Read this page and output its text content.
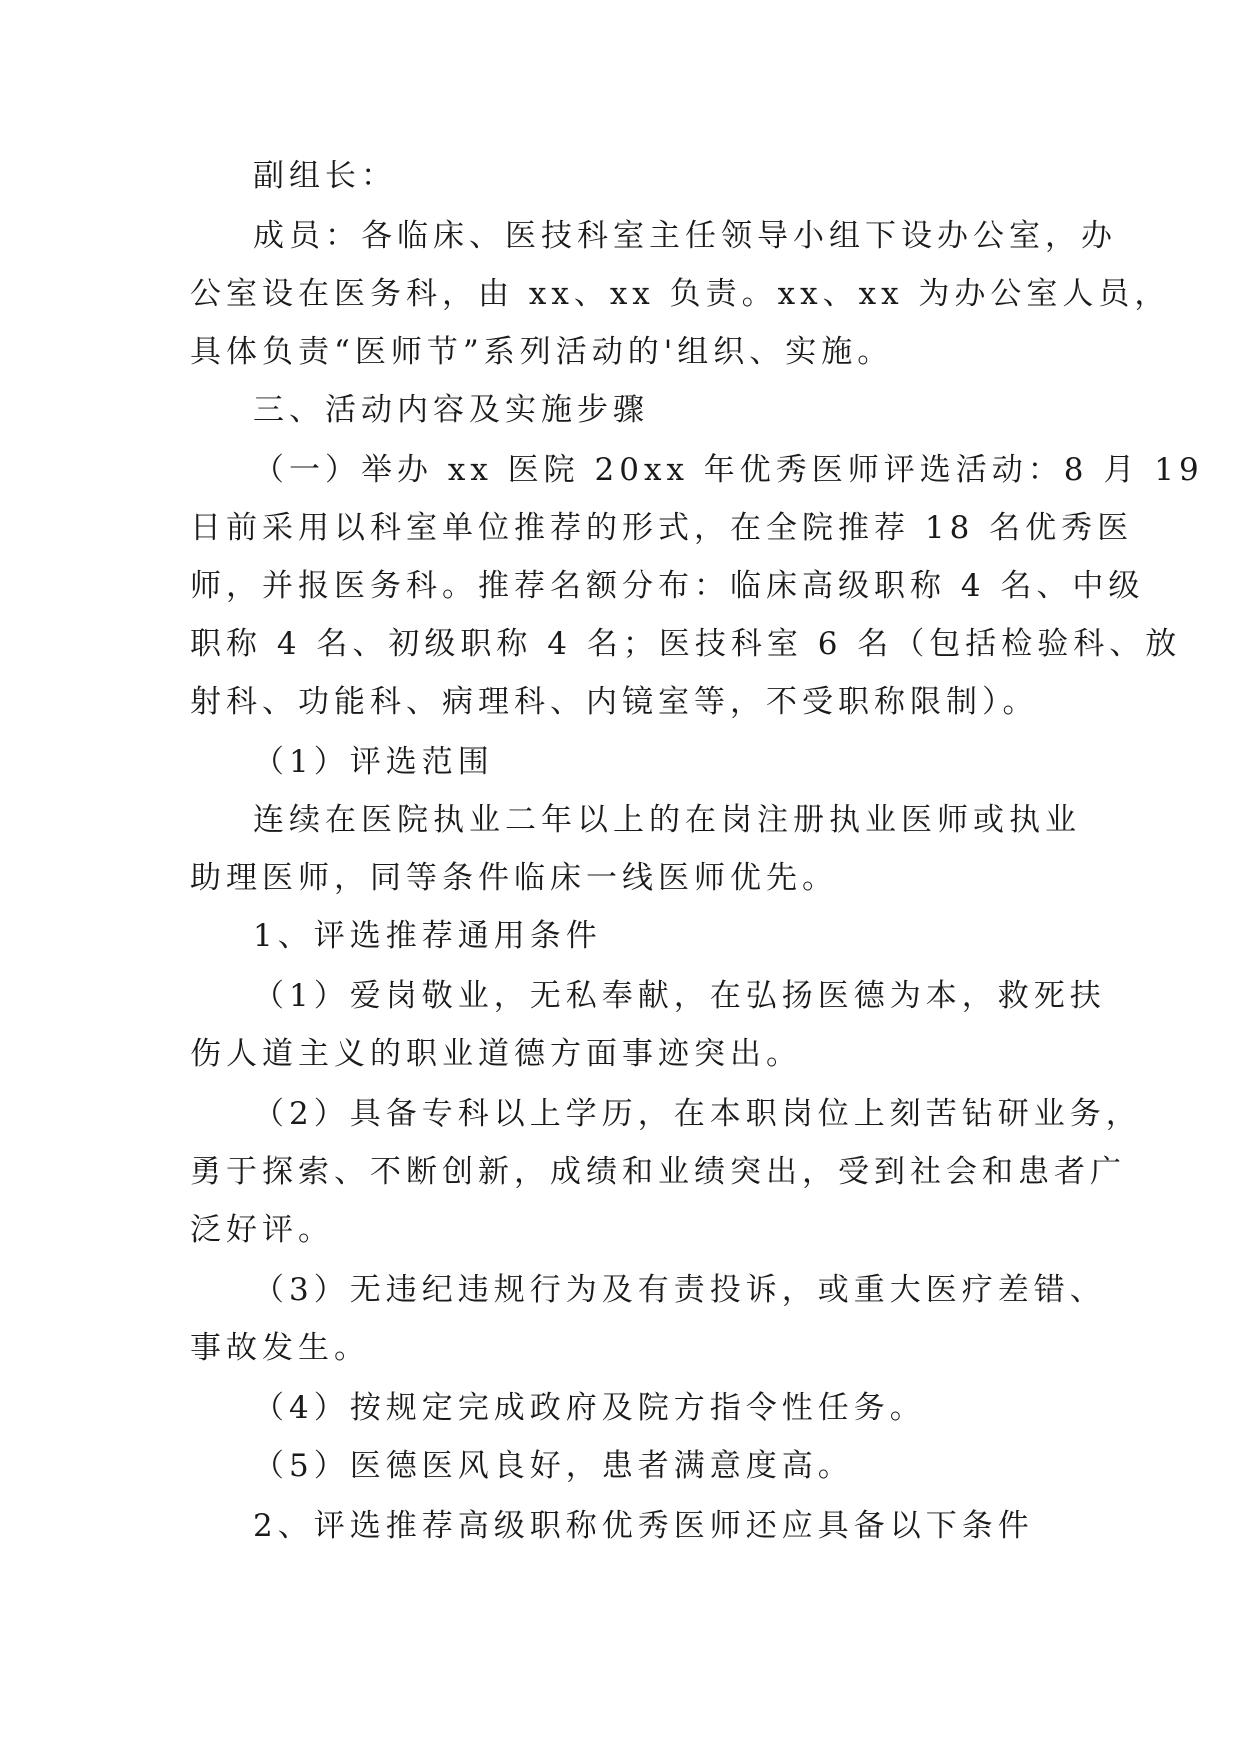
副组长：
成员：各临床、医技科室主任领导小组下设办公室，办
公室设在医务科，由 xx、xx 负责。xx、xx 为办公室人员，
具体负责“医师节”系列活动的'组织、实施。
三、活动内容及实施步骤
（一）举办 xx 医院 20xx 年优秀医师评选活动：8 月 19
日前采用以科室单位推荐的形式，在全院推荐 18 名优秀医
师，并报医务科。推荐名额分布：临床高级职称 4 名、中级
职称 4 名、初级职称 4 名；医技科室 6 名（包括检验科、放
射科、功能科、病理科、内镜室等，不受职称限制）。
（1）评选范围
连续在医院执业二年以上的在岗注册执业医师或执业
助理医师，同等条件临床一线医师优先。
1、评选推荐通用条件
（1）爱岗敬业，无私奉献，在弘扬医德为本，救死扶
伤人道主义的职业道德方面事迹突出。
（2）具备专科以上学历，在本职岗位上刻苦钻研业务，
勇于探索、不断创新，成绩和业绩突出，受到社会和患者广
泛好评。
（3）无违纪违规行为及有责投诉，或重大医疗差错、
事故发生。
（4）按规定完成政府及院方指令性任务。
（5）医德医风良好，患者满意度高。
2、评选推荐高级职称优秀医师还应具备以下条件
